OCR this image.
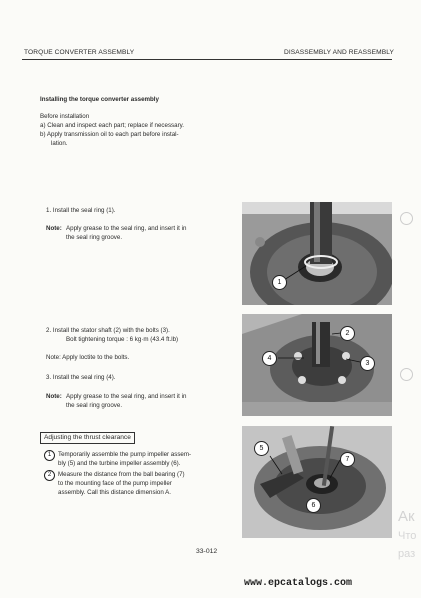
TORQUE CONVERTER ASSEMBLY	DISASSEMBLY AND REASSEMBLY
Installing the torque converter assembly
Before installation
a) Clean and inspect each part; replace if necessary.
b) Apply transmission oil to each part before instal-
lation.
1. Install the seal ring (1).
Note: Apply grease to the seal ring, and insert it in
the seal ring groove.
1
2. Install the stator shaft (2) with the bolts (3).
Bolt tightening torque : 6 kg·m (43.4 ft.lb)
Note: Apply loctite to the bolts.
3. Install the seal ring (4).
Note: Apply grease to the seal ring, and insert it in
the seal ring groove.
2
4
3
Adjusting the thrust clearance
1	Temporarily assemble the pump impeller assem-
bly (5) and the turbine impeller assembly (6).
2	Measure the distance from the ball bearing (7)
to the mounting face of the pump impeller
assembly. Call this distance dimension A.
5
7
6
Ак
Что
раз
33-012
www.epcatalogs.com
